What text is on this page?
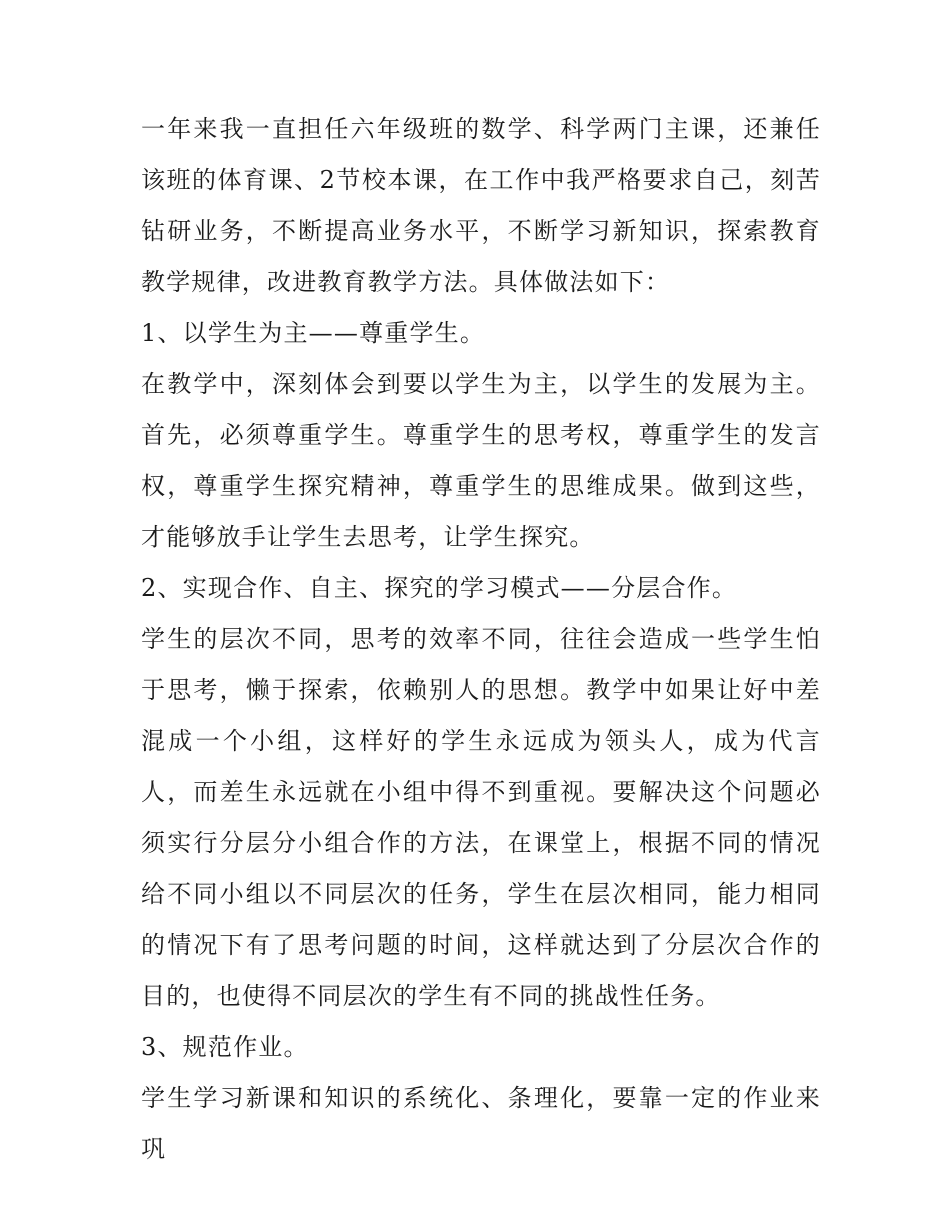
一年来我一直担任六年级班的数学、科学两门主课，还兼任该班的体育课、2节校本课，在工作中我严格要求自己，刻苦钻研业务，不断提高业务水平，不断学习新知识，探索教育教学规律，改进教育教学方法。具体做法如下：

1、以学生为主——尊重学生。

在教学中，深刻体会到要以学生为主，以学生的发展为主。首先，必须尊重学生。尊重学生的思考权，尊重学生的发言权，尊重学生探究精神，尊重学生的思维成果。做到这些，才能够放手让学生去思考，让学生探究。

2、实现合作、自主、探究的学习模式——分层合作。

学生的层次不同，思考的效率不同，往往会造成一些学生怕于思考，懒于探索，依赖别人的思想。教学中如果让好中差混成一个小组，这样好的学生永远成为领头人，成为代言人，而差生永远就在小组中得不到重视。要解决这个问题必须实行分层分小组合作的方法，在课堂上，根据不同的情况给不同小组以不同层次的任务，学生在层次相同，能力相同的情况下有了思考问题的时间，这样就达到了分层次合作的目的，也使得不同层次的学生有不同的挑战性任务。

3、规范作业。

学生学习新课和知识的系统化、条理化，要靠一定的作业来巩
